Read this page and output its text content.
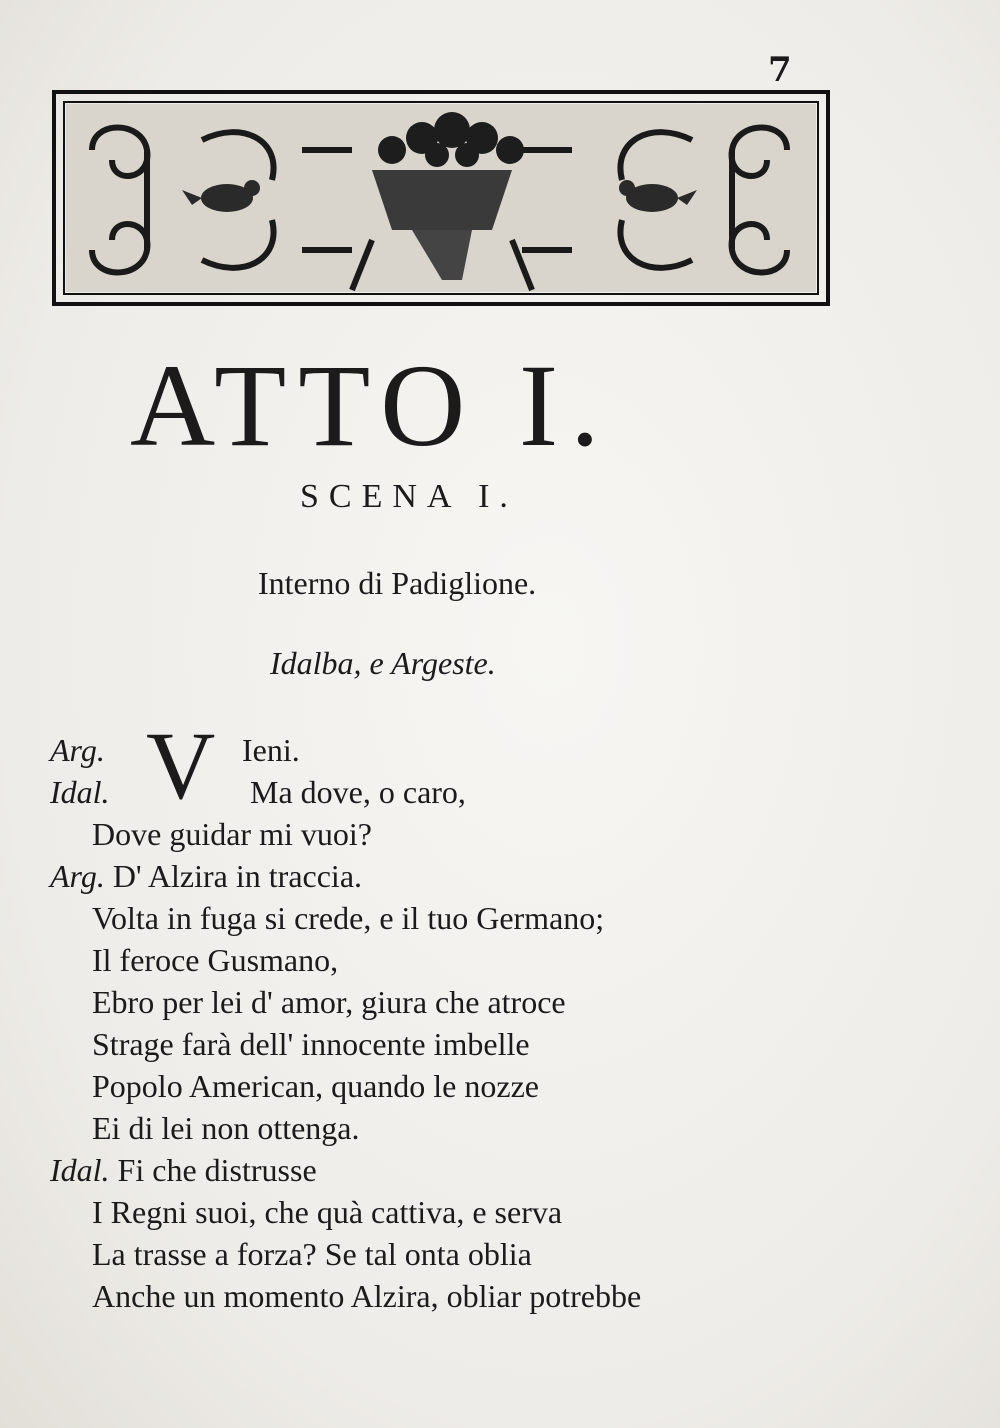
7
ATTO I.
SCENA I.
Interno di Padiglione.
Idalba, e Argeste.
V
Arg.	Ieni.
Idal.	Ma dove, o caro,
Dove guidar mi vuoi?
Arg. D' Alzira in traccia.
Volta in fuga si crede, e il tuo Germano;
Il feroce Gusmano,
Ebro per lei d' amor, giura che atroce
Strage farà dell' innocente imbelle
Popolo American, quando le nozze
Ei di lei non ottenga.
Idal. Fi che distrusse
I Regni suoi, che quà cattiva, e serva
La trasse a forza? Se tal onta oblia
Anche un momento Alzira, obliar potrebbe
